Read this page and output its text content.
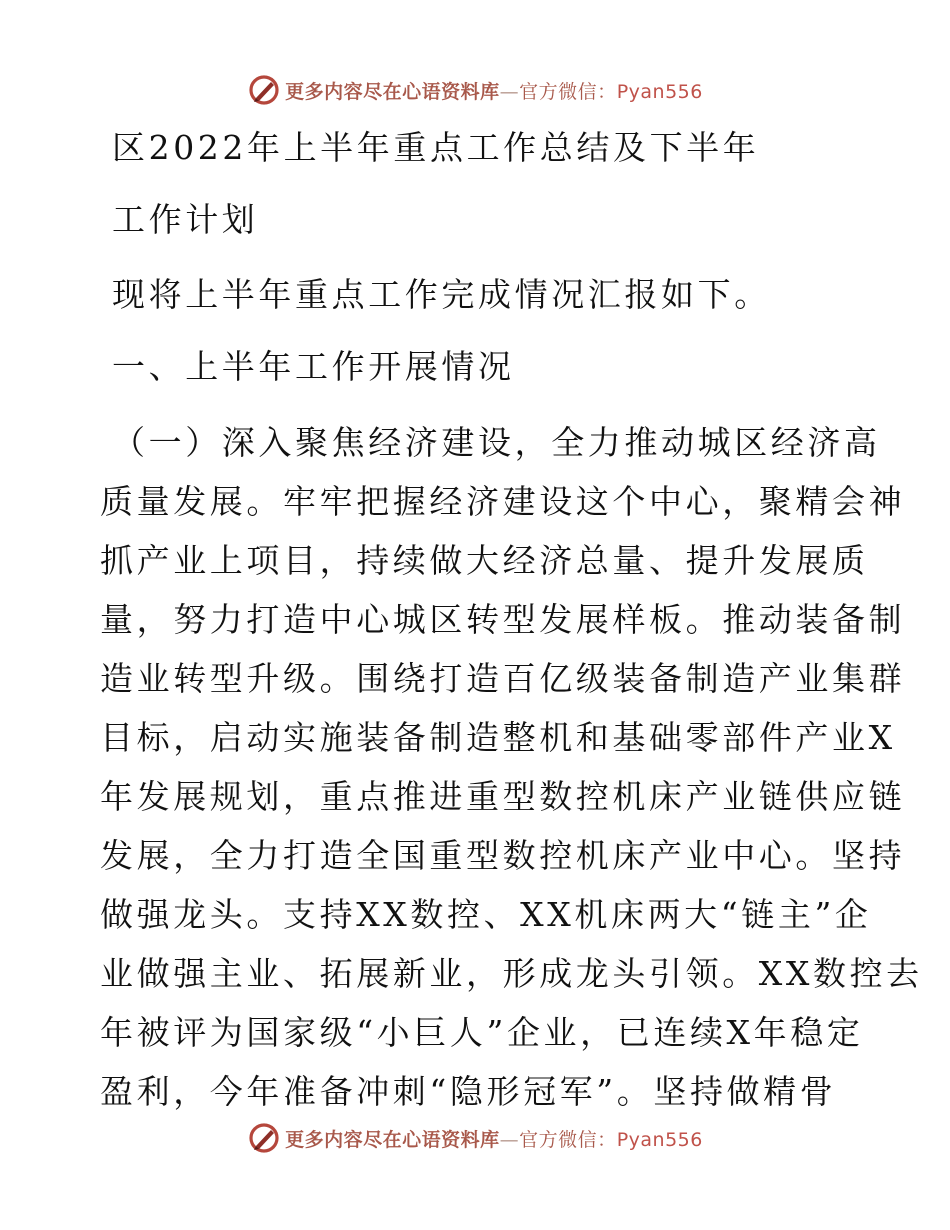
更多内容尽在心语资料库—官方微信：Pyan556
区2022年上半年重点工作总结及下半年
工作计划
现将上半年重点工作完成情况汇报如下。
一、上半年工作开展情况
（一）深入聚焦经济建设，全力推动城区经济高
质量发展。牢牢把握经济建设这个中心，聚精会神
抓产业上项目，持续做大经济总量、提升发展质
量，努力打造中心城区转型发展样板。推动装备制
造业转型升级。围绕打造百亿级装备制造产业集群
目标，启动实施装备制造整机和基础零部件产业X
年发展规划，重点推进重型数控机床产业链供应链
发展，全力打造全国重型数控机床产业中心。坚持
做强龙头。支持XX数控、XX机床两大“链主”企
业做强主业、拓展新业，形成龙头引领。XX数控去
年被评为国家级“小巨人”企业，已连续X年稳定
盈利，今年准备冲刺“隐形冠军”。坚持做精骨
更多内容尽在心语资料库—官方微信：Pyan556
